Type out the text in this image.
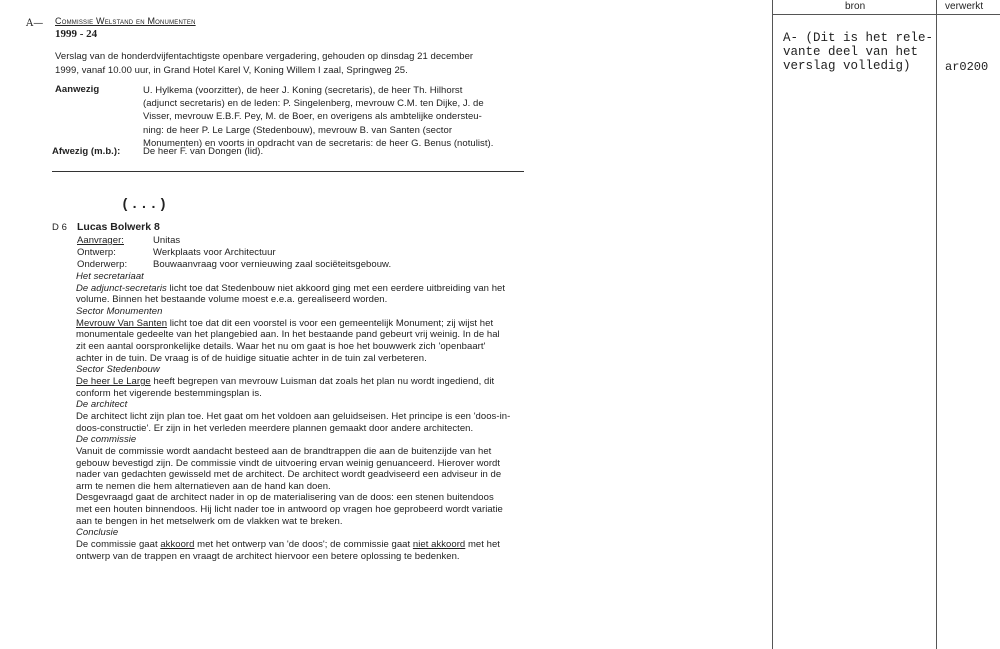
bron	verwerkt
A- (Dit is het rele-
vante deel van het
verslag volledig)	ar0200
A— Commissie Welstand en Monumenten
1999 - 24
Verslag van de honderdvijfentachtigste openbare vergadering, gehouden op dinsdag 21 december
1999, vanaf 10.00 uur, in Grand Hotel Karel V, Koning Willem I zaal, Springweg 25.
Aanwezig	U. Hylkema (voorzitter), de heer J. Koning (secretaris), de heer Th. Hilhorst
(adjunct secretaris) en de leden: P. Singelenberg, mevrouw C.M. ten Dijke, J. de
Visser, mevrouw E.B.F. Pey, M. de Boer, en overigens als ambtelijke ondersteu-
ning: de heer P. Le Large (Stedenbouw), mevrouw B. van Santen (sector
Monumenten) en voorts in opdracht van de secretaris: de heer G. Benus (notulist).
Afwezig (m.b.): De heer F. van Dongen (lid).
(...)
D 6 Lucas Bolwerk 8
Aanvrager:	Unitas
Ontwerp:	Werkplaats voor Architectuur
Onderwerp:	Bouwaanvraag voor vernieuwing zaal sociëteitsgebouw.
Het secretariaat
De adjunct-secretaris licht toe dat Stedenbouw niet akkoord ging met een eerdere uitbreiding van het
volume. Binnen het bestaande volume moest e.e.a. gerealiseerd worden.
Sector Monumenten
Mevrouw Van Santen licht toe dat dit een voorstel is voor een gemeentelijk Monument; zij wijst het
monumentale gedeelte van het plangebied aan. In het bestaande pand gebeurt vrij weinig. In de hal
zit een aantal oorspronkelijke details. Waar het nu om gaat is hoe het bouwwerk zich 'openbaart'
achter in de tuin. De vraag is of de huidige situatie achter in de tuin zal verbeteren.
Sector Stedenbouw
De heer Le Large heeft begrepen van mevrouw Luisman dat zoals het plan nu wordt ingediend, dit
conform het vigerende bestemmingsplan is.
De architect
De architect licht zijn plan toe. Het gaat om het voldoen aan geluidseisen. Het principe is een 'doos-in-
doos-constructie'. Er zijn in het verleden meerdere plannen gemaakt door andere architecten.
De commissie
Vanuit de commissie wordt aandacht besteed aan de brandtrappen die aan de buitenzijde van het
gebouw bevestigd zijn. De commissie vindt de uitvoering ervan weinig genuanceerd. Hierover wordt
nader van gedachten gewisseld met de architect. De architect wordt geadviseerd een adviseur in de
arm te nemen die hem alternatieven aan de hand kan doen.
Desgevraagd gaat de architect nader in op de materialisering van de doos: een stenen buitendoos
met een houten binnendoos. Hij licht nader toe in antwoord op vragen hoe geprobeerd wordt variatie
aan te bengen in het metselwerk om de vlakken wat te breken.
Conclusie
De commissie gaat akkoord met het ontwerp van 'de doos'; de commissie gaat niet akkoord met het
ontwerp van de trappen en vraagt de architect hiervoor een betere oplossing te bedenken.
